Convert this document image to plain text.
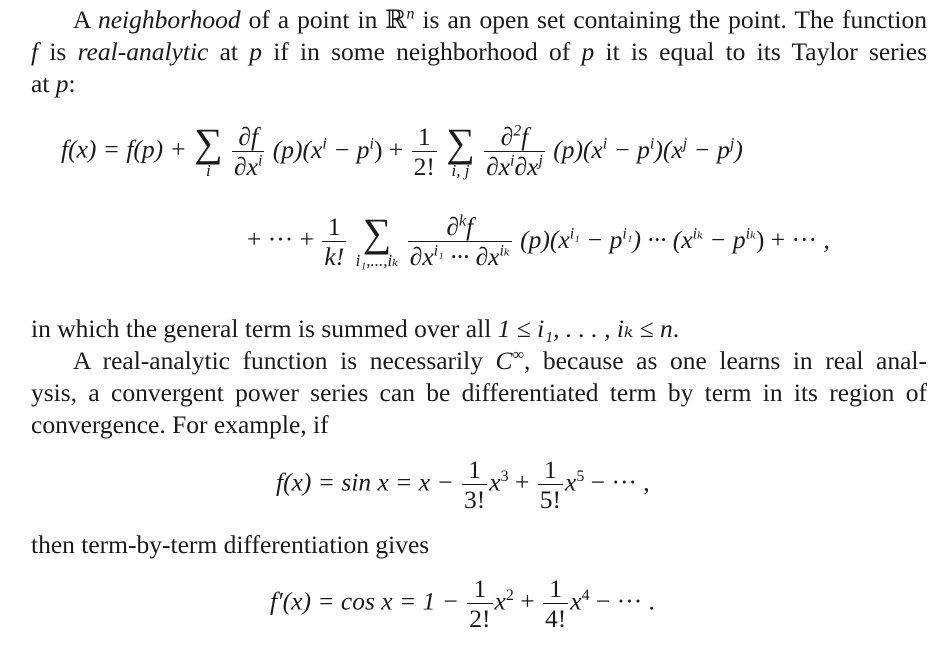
A neighborhood of a point in ℝ$^n$ is an open set containing the point. The function
f is real-analytic at p if in some neighborhood of p it is equal to its Taylor series
at p:
f(x) = f(p) + ∑
i
$\frac{\partial f}{\partial x^i} (p)(x^i - p^i) + \frac{1}{2!}$
∑
i, j
$\frac{\partial^2f}{\partial x^i\partial x^j} (p)(x^i - p^i)(x^j - p^j)$
+ ··· + $\frac{1}{k!}$
∑
i₁,...,iₖ
$\frac{\partial^kf}{\partial x^{i_1} \cdot\cdot\cdot \partial x^{i_k}} (p)(x^{i_1} - p^{i_1})$ ··· $(x^{i_k} - p^{i_k})$ + ··· ,
in which the general term is summed over all 1 ≤ i₁, . . . , iₖ ≤ n.
A real-analytic function is necessarily C∞, because as one learns in real anal-
ysis, a convergent power series can be differentiated term by term in its region of
convergence. For example, if
$f(x) = \sin x = x - \frac{1}{3!} x^3 + \frac{1}{5!} x^5$ − ··· ,
then term-by-term differentiation gives
$f'(x) = \cos x = 1 - \frac{1}{2!} x^2 + \frac{1}{4!} x^4$ − ··· .
